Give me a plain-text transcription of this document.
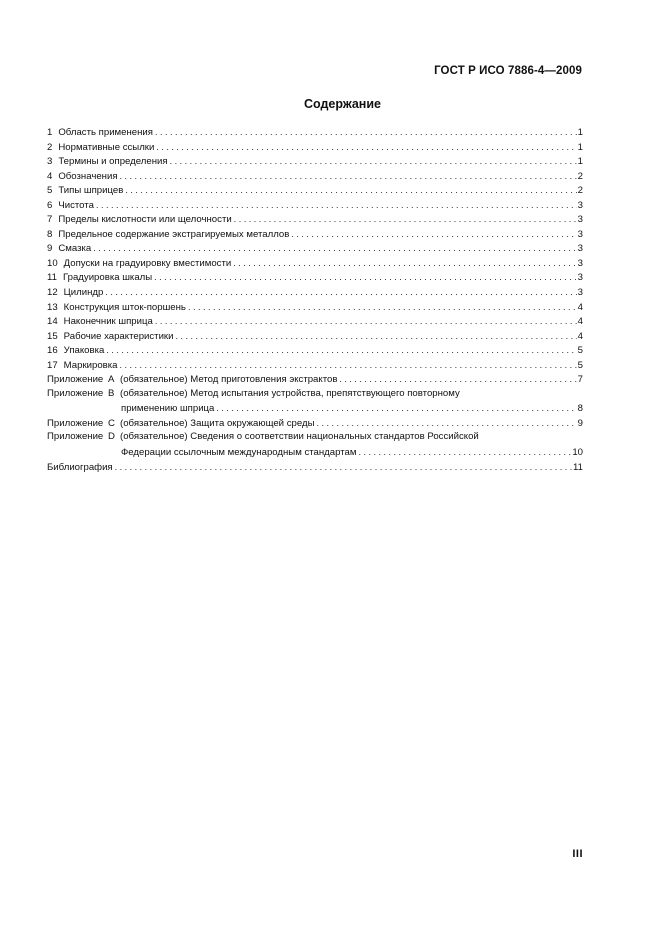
ГОСТ Р ИСО 7886-4—2009
Содержание
1 Область применения . . .	1
2 Нормативные ссылки . . .	1
3 Термины и определения . . .	1
4 Обозначения . . .	2
5 Типы шприцев . . .	2
6 Чистота . . .	3
7 Пределы кислотности или щелочности . . .	3
8 Предельное содержание экстрагируемых металлов . . .	3
9 Смазка . . .	3
10 Допуски на градуировку вместимости . . .	3
11 Градуировка шкалы . . .	3
12 Цилиндр . . .	3
13 Конструкция шток-поршень . . .	4
14 Наконечник шприца . . .	4
15 Рабочие характеристики . . .	4
16 Упаковка . . .	5
17 Маркировка . . .	5
Приложение A (обязательное) Метод приготовления экстрактов . . .	7
Приложение B (обязательное) Метод испытания устройства, препятствующего повторному
применению шприца . . .	8
Приложение C (обязательное) Защита окружающей среды . . .	9
Приложение D (обязательное) Сведения о соответствии национальных стандартов Российской
Федерации ссылочным международным стандартам . . .	10
Библиография . . .	11
III
